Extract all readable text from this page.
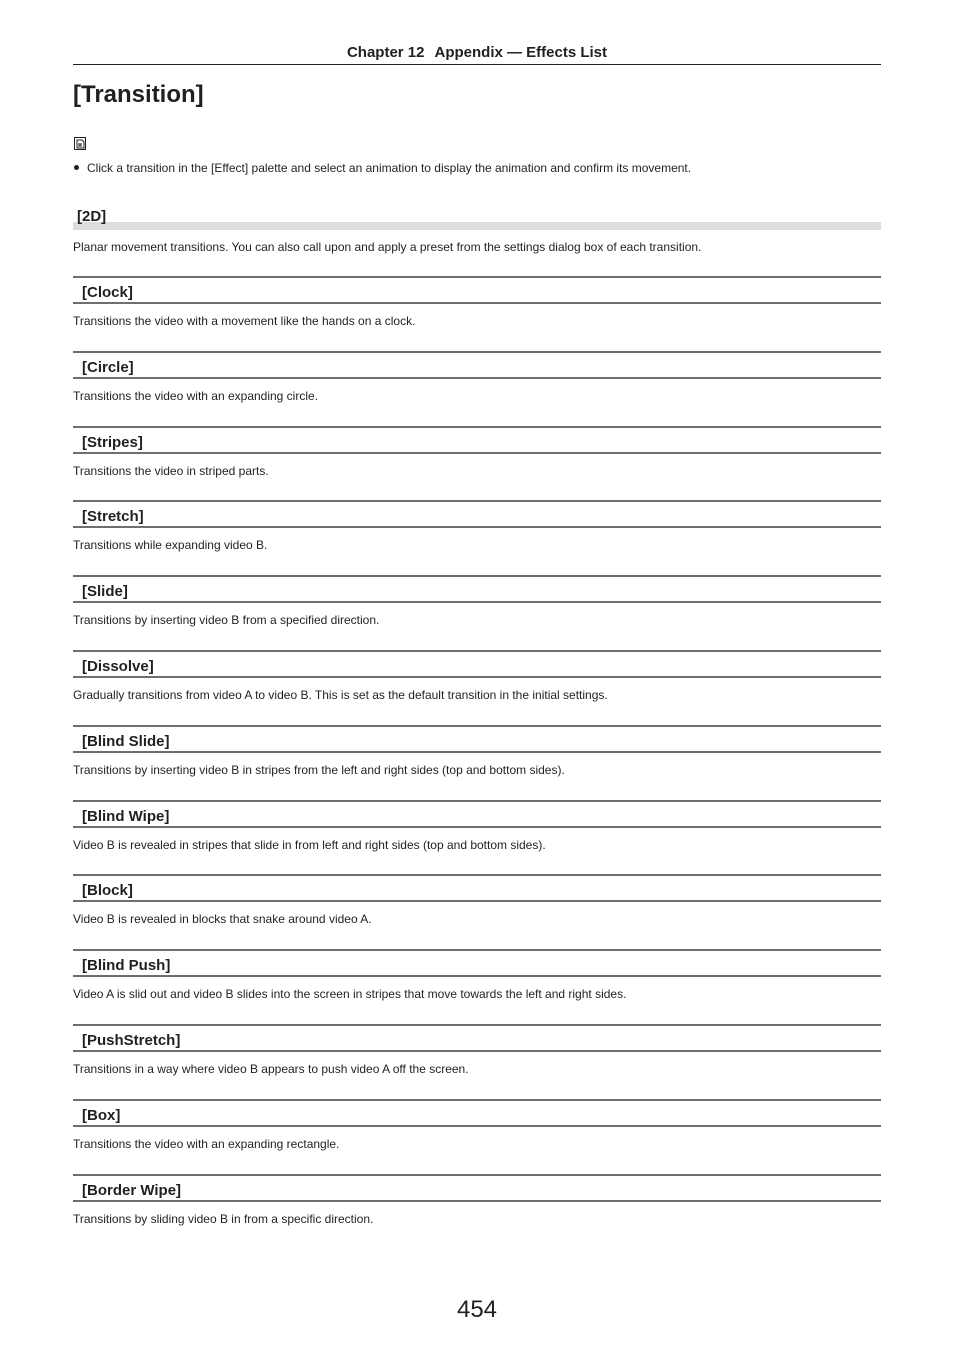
Chapter 12 Appendix — Effects List
[Transition]
Click a transition in the [Effect] palette and select an animation to display the animation and confirm its movement.
[2D]
Planar movement transitions. You can also call upon and apply a preset from the settings dialog box of each transition.
[Clock]
Transitions the video with a movement like the hands on a clock.
[Circle]
Transitions the video with an expanding circle.
[Stripes]
Transitions the video in striped parts.
[Stretch]
Transitions while expanding video B.
[Slide]
Transitions by inserting video B from a specified direction.
[Dissolve]
Gradually transitions from video A to video B. This is set as the default transition in the initial settings.
[Blind Slide]
Transitions by inserting video B in stripes from the left and right sides (top and bottom sides).
[Blind Wipe]
Video B is revealed in stripes that slide in from left and right sides (top and bottom sides).
[Block]
Video B is revealed in blocks that snake around video A.
[Blind Push]
Video A is slid out and video B slides into the screen in stripes that move towards the left and right sides.
[PushStretch]
Transitions in a way where video B appears to push video A off the screen.
[Box]
Transitions the video with an expanding rectangle.
[Border Wipe]
Transitions by sliding video B in from a specific direction.
454
